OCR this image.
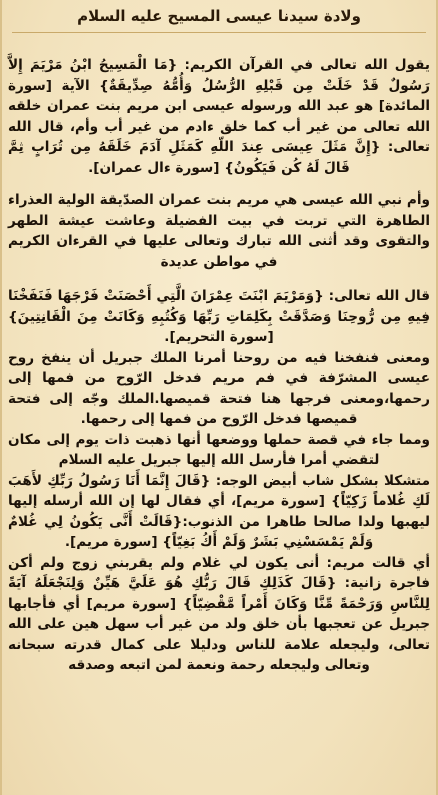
ولادة سيدنا عيسى المسيح عليه السلام

يقول الله تعالى في القرآن الكريم: {مَا الْمَسِيحُ ابْنُ مَرْيَمَ إِلاَّ رَسُولٌ قَدْ خَلَتْ مِن قَبْلِهِ الرُّسُلُ وَأُمُّهُ صِدِّيقَةٌ} الآية [سورة المائدة] هو عبد الله ورسوله عيسى ابن مريم بنت عمران خلقه الله تعالى من غير أب كما خلق ءادم من غير أب وأم، قال الله تعالى: {إِنَّ مَثَلَ عِيسَى عِندَ اللّهِ كَمَثَلِ آدَمَ خَلَقَهُ مِن تُرَابٍ ثِمَّ قَالَ لَهُ كُن فَيَكُونُ} [سورة ءال عمران].

وأم نبي الله عيسى هي مريم بنت عمران الصدّيقة الولية العذراء الطاهرة التي تربت في بيت الفضيلة وعاشت عيشة الطهر والتقوى وقد أثنى الله تبارك وتعالى عليها في القرءان الكريم في مواطن عديدة

قال الله تعالى: {وَمَرْيَمَ ابْنَتَ عِمْرَانَ الَّتِي أَحْصَنَتْ فَرْجَهَا فَنَفَخْنَا فِيهِ مِن رُّوحِنَا وَصَدَّقَتْ بِكَلِمَاتِ رَبِّهَا وَكُتُبِهِ وَكَانَتْ مِنَ الْقَانِتِينَ} [سورة التحريم].

ومعنى فنفخنا فيه من روحنا أمرنا الملك جبريل أن ينفخ روح عيسى المشرّفة في فم مريم فدخل الرّوح من فمها إلى رحمها،ومعنى فرجها هنا فتحة قميصها.الملك وجّه إلى فتحة قميصها فدخل الرّوح من فمها إلى رحمها.

ومما جاء في قصة حملها ووضعها أنها ذهبت ذات يوم إلى مكان لتقضي أمرا فأرسل الله إليها جبريل عليه السلام

متشكلا بشكل شاب أبيض الوجه: {قَالَ إِنَّمَا أَنَا رَسُولُ رَبِّكِ لأَهَبَ لَكِ غُلاماً زَكِيّاً} [سورة مريم]، أي فقال لها إن الله أرسله إليها ليهبها ولدا صالحا طاهرا من الذنوب:{قَالَتْ أَنَّى يَكُونُ لِي غُلامٌ وَلَمْ يَمْسَسْنِي بَشَرٌ وَلَمْ أَكُ بَغِيّاً} [سورة مريم].

أي قالت مريم: أنى يكون لي غلام ولم يقربني زوج ولم أكن فاجرة زانية: {قَالَ كَذَلِكِ قَالَ رَبُّكِ هُوَ عَلَيَّ هَيِّنٌ وَلِنَجْعَلَهُ آيَةً لِلنَّاسِ وَرَحْمَةً مِّنَّا وَكَانَ أَمْراً مَّقْضِيّاً} [سورة مريم] أي فأجابها جبريل عن تعجبها بأن خلق ولد من غير أب سهل هين على الله تعالى، وليجعله علامة للناس ودليلا على كمال قدرته سبحانه وتعالى وليجعله رحمة ونعمة لمن اتبعه وصدقه
